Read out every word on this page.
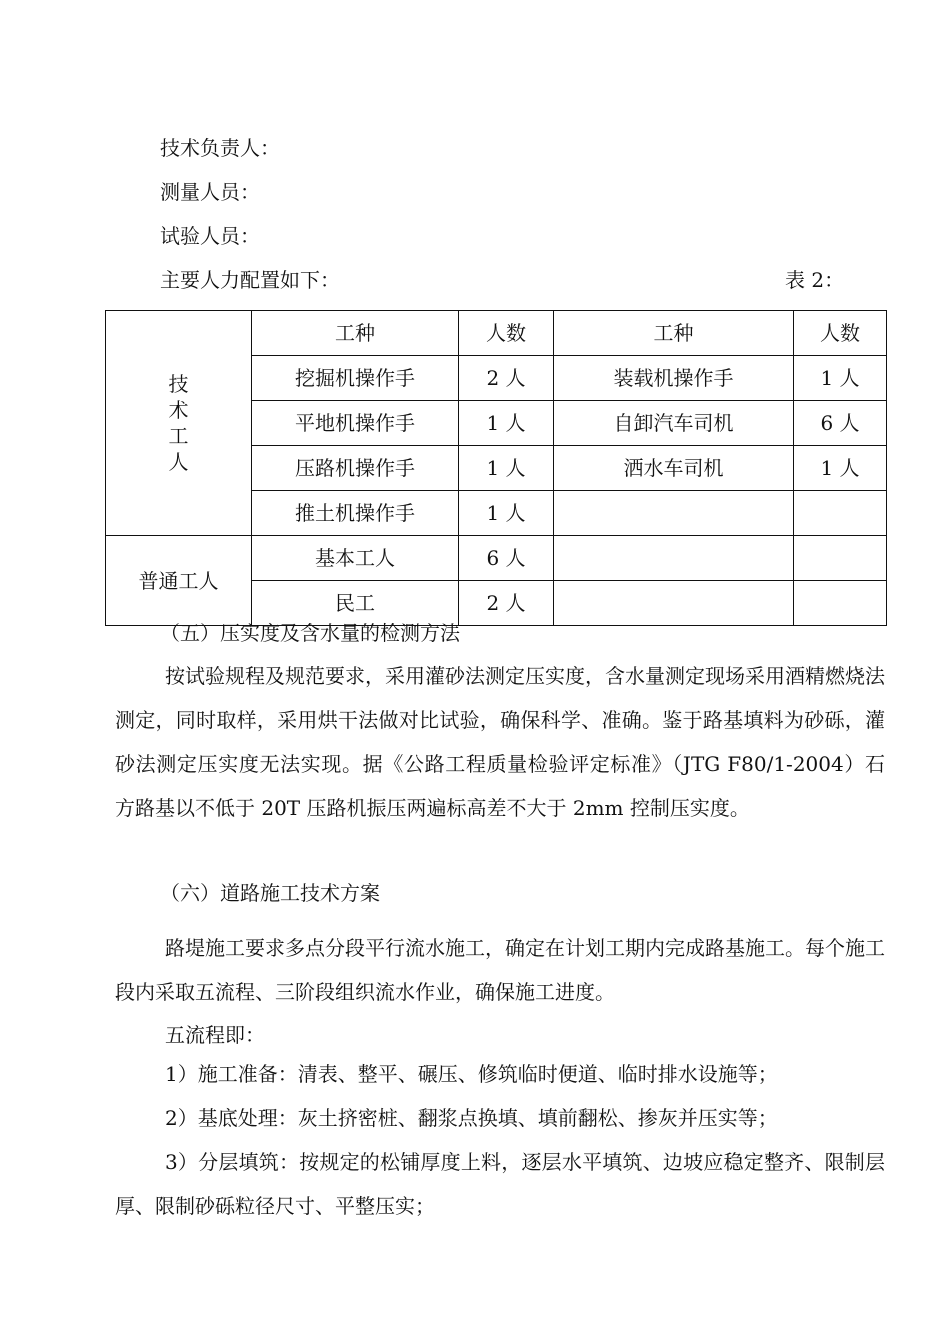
技术负责人：
测量人员：
试验人员：
主要人力配置如下：	表 2：
技
术
工
人	工种	人数	工种	人数
	挖掘机操作手	2 人	装载机操作手	1 人
	平地机操作手	1 人	自卸汽车司机	6 人
	压路机操作手	1 人	洒水车司机	1 人
	推土机操作手	1 人		
普通工人	基本工人	6 人		
	民工	2 人		
（五）压实度及含水量的检测方法

按试验规程及规范要求，采用灌砂法测定压实度，含水量测定现场采用酒精燃烧法测定，同时取样，采用烘干法做对比试验，确保科学、准确。鉴于路基填料为砂砾，灌砂法测定压实度无法实现。据《公路工程质量检验评定标准》（JTG F80/1-2004）石方路基以不低于 20T 压路机振压两遍标高差不大于 2mm 控制压实度。

（六）道路施工技术方案

路堤施工要求多点分段平行流水施工，确定在计划工期内完成路基施工。每个施工段内采取五流程、三阶段组织流水作业，确保施工进度。

五流程即：

1）施工准备：清表、整平、碾压、修筑临时便道、临时排水设施等；

2）基底处理：灰土挤密桩、翻浆点换填、填前翻松、掺灰并压实等；

3）分层填筑：按规定的松铺厚度上料，逐层水平填筑、边坡应稳定整齐、限制层厚、限制砂砾粒径尺寸、平整压实；
